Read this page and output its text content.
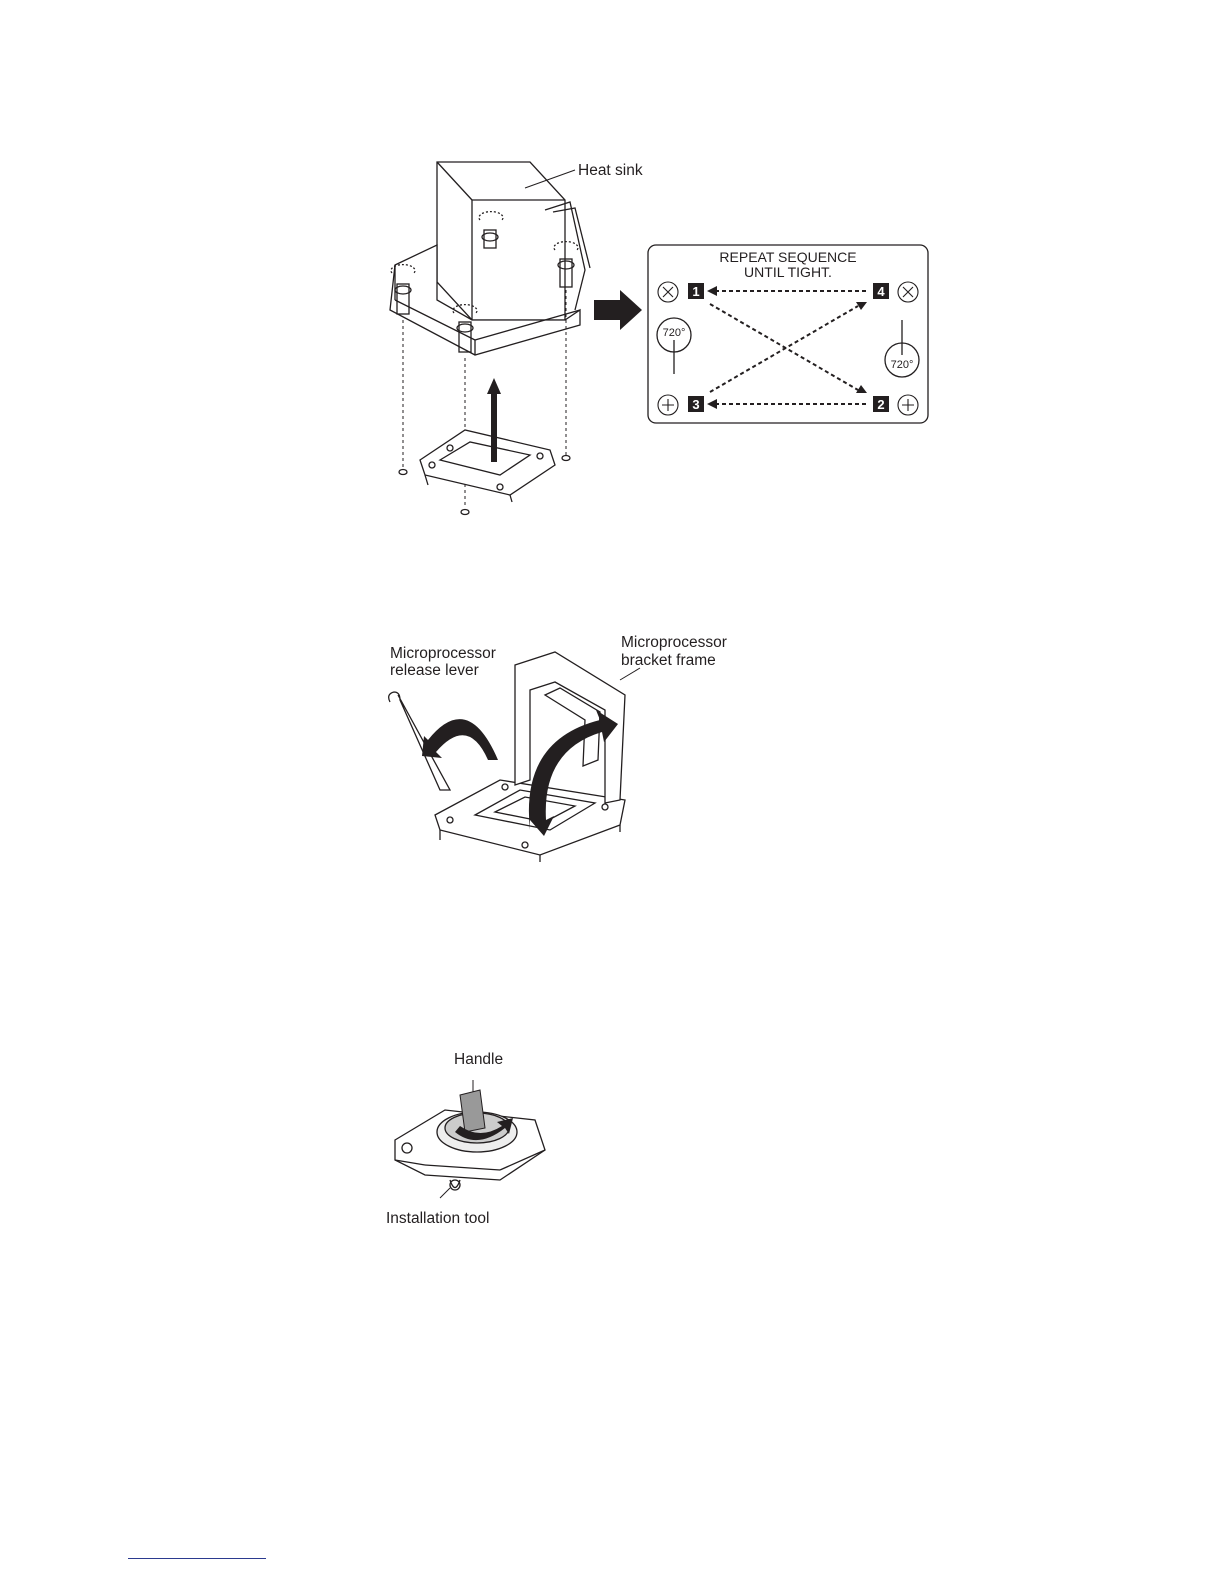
REPEAT SEQUENCE
UNTIL TIGHT.
1
2
3
4
720°
720°
Heat sink
Microprocessor
release lever
Microprocessor
bracket frame
Handle
Installation tool
